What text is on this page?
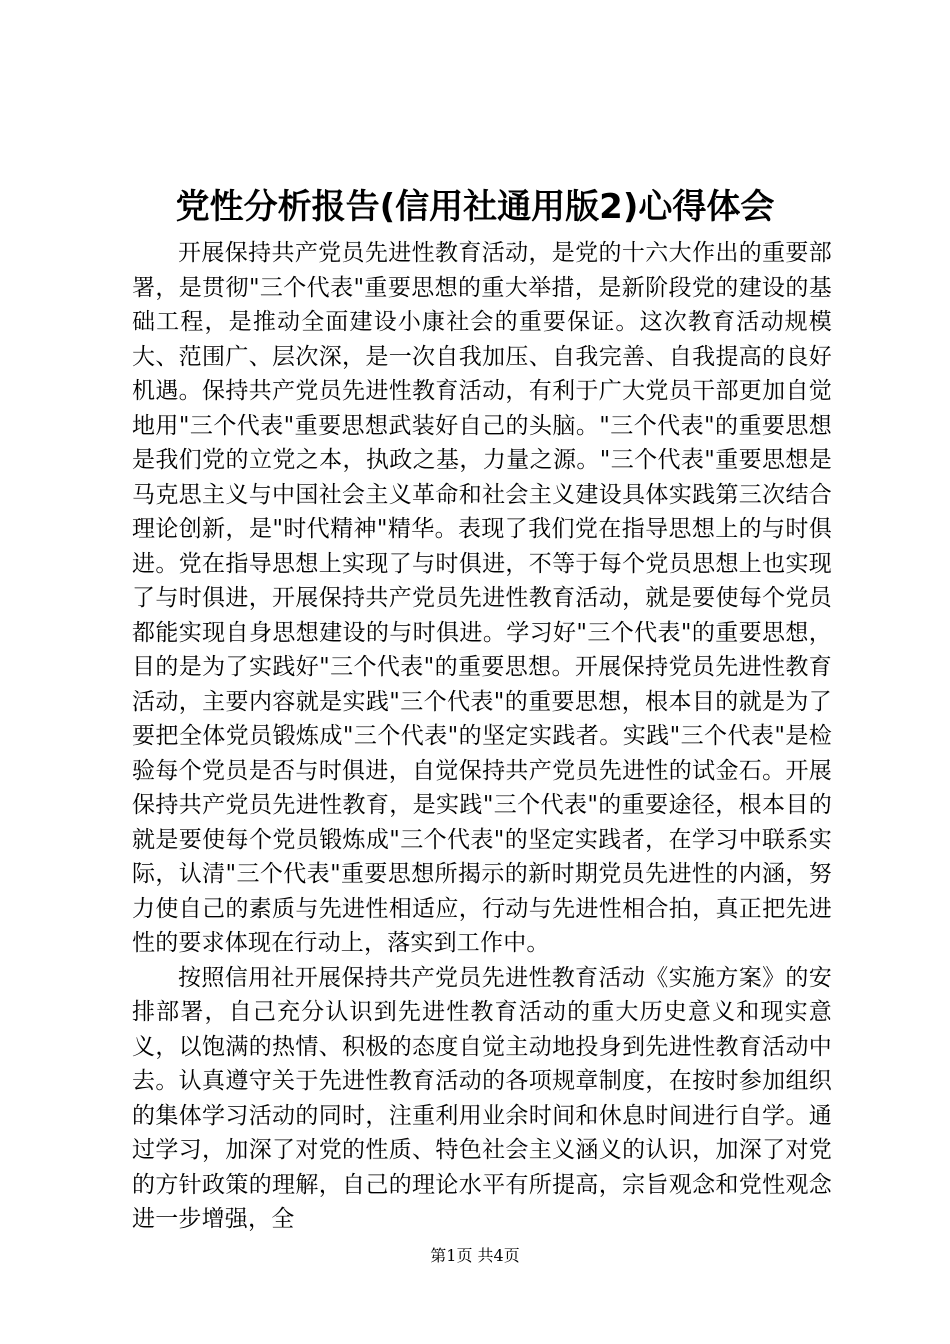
党性分析报告(信用社通用版2)心得体会

开展保持共产党员先进性教育活动，是党的十六大作出的重要部署，是贯彻"三个代表"重要思想的重大举措，是新阶段党的建设的基础工程，是推动全面建设小康社会的重要保证。这次教育活动规模大、范围广、层次深，是一次自我加压、自我完善、自我提高的良好机遇。保持共产党员先进性教育活动，有利于广大党员干部更加自觉地用"三个代表"重要思想武装好自己的头脑。"三个代表"的重要思想是我们党的立党之本，执政之基，力量之源。"三个代表"重要思想是马克思主义与中国社会主义革命和社会主义建设具体实践第三次结合理论创新，是"时代精神"精华。表现了我们党在指导思想上的与时俱进。党在指导思想上实现了与时俱进，不等于每个党员思想上也实现了与时俱进，开展保持共产党员先进性教育活动，就是要使每个党员都能实现自身思想建设的与时俱进。学习好"三个代表"的重要思想，目的是为了实践好"三个代表"的重要思想。开展保持党员先进性教育活动，主要内容就是实践"三个代表"的重要思想，根本目的就是为了要把全体党员锻炼成"三个代表"的坚定实践者。实践"三个代表"是检验每个党员是否与时俱进，自觉保持共产党员先进性的试金石。开展保持共产党员先进性教育，是实践"三个代表"的重要途径，根本目的就是要使每个党员锻炼成"三个代表"的坚定实践者，在学习中联系实际，认清"三个代表"重要思想所揭示的新时期党员先进性的内涵，努力使自己的素质与先进性相适应，行动与先进性相合拍，真正把先进性的要求体现在行动上，落实到工作中。

按照信用社开展保持共产党员先进性教育活动《实施方案》的安排部署，自己充分认识到先进性教育活动的重大历史意义和现实意义，以饱满的热情、积极的态度自觉主动地投身到先进性教育活动中去。认真遵守关于先进性教育活动的各项规章制度，在按时参加组织的集体学习活动的同时，注重利用业余时间和休息时间进行自学。通过学习，加深了对党的性质、特色社会主义涵义的认识，加深了对党的方针政策的理解，自己的理论水平有所提高，宗旨观念和党性观念进一步增强，全

第1页 共4页
